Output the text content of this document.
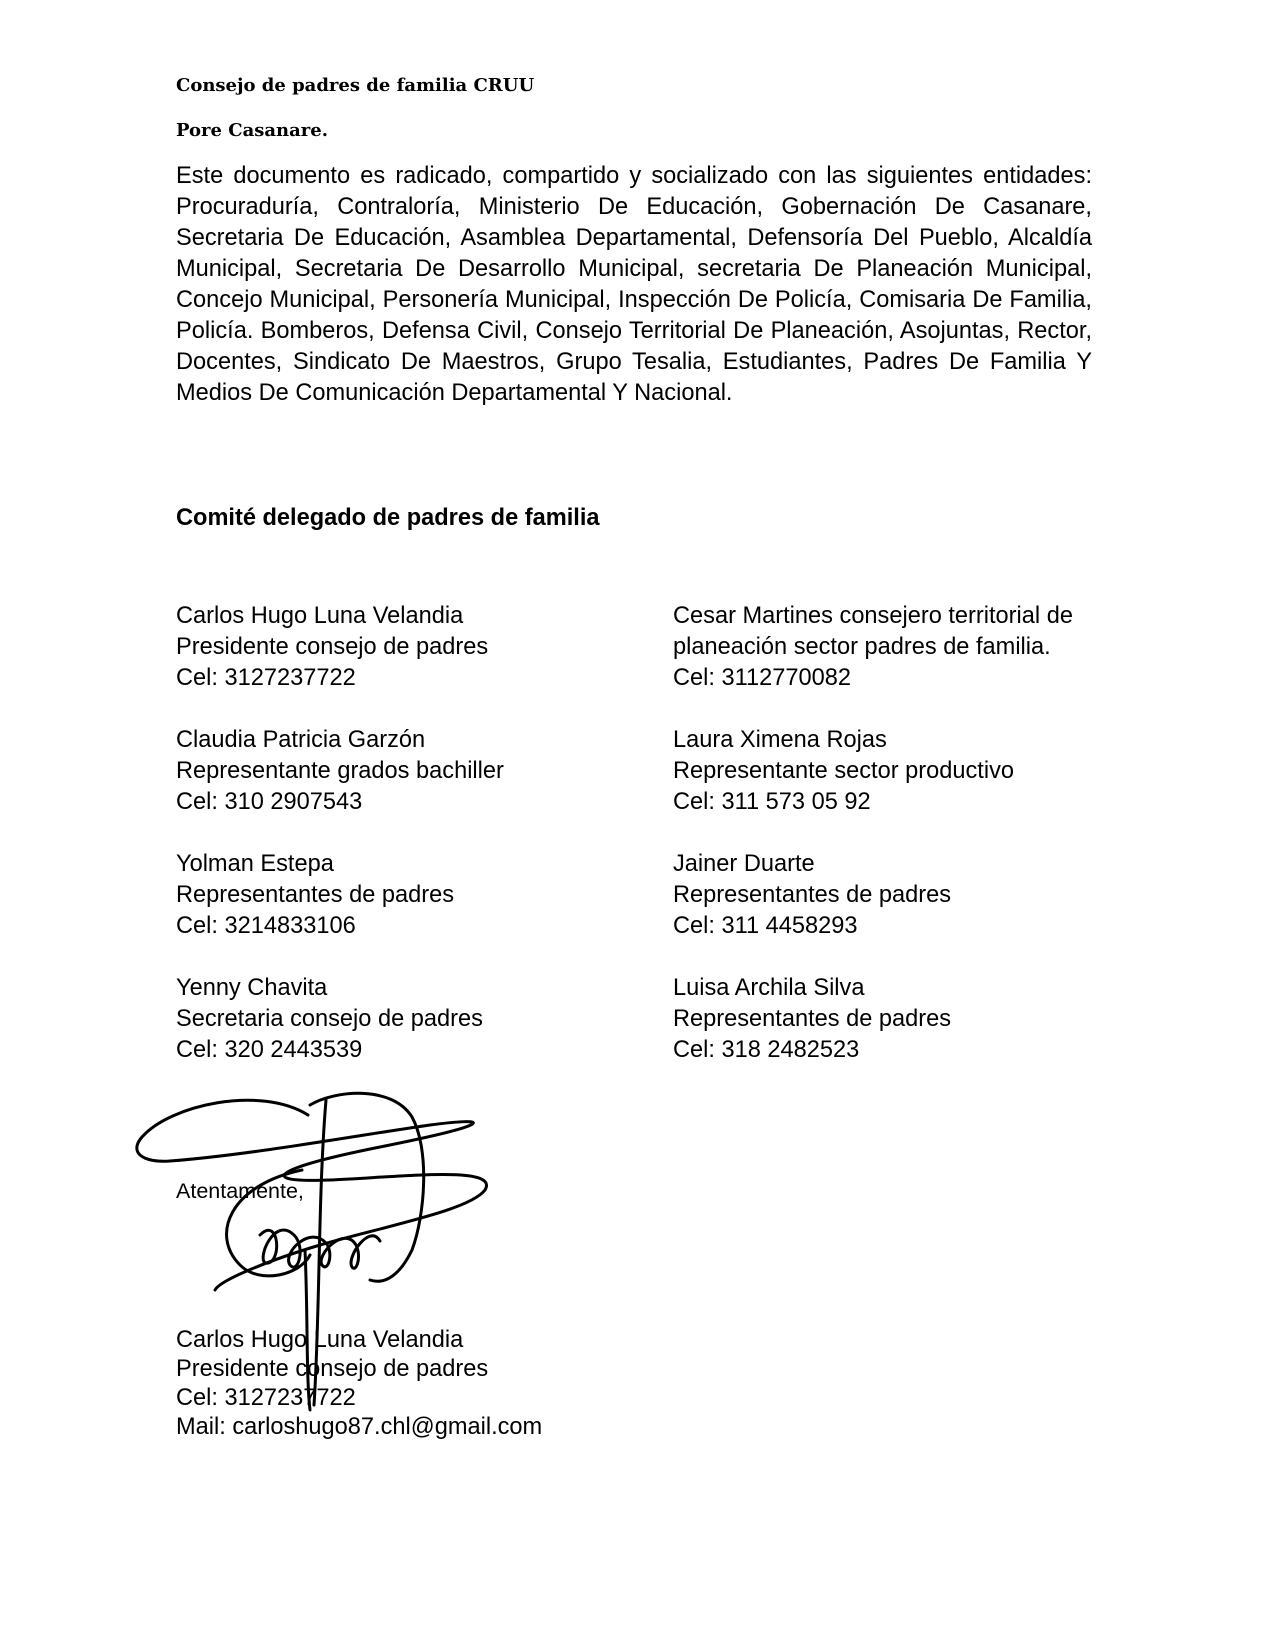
Consejo de padres de familia CRUU
Pore Casanare.

Este documento es radicado, compartido y socializado con las siguientes entidades: Procuraduría, Contraloría, Ministerio De Educación, Gobernación De Casanare, Secretaria De Educación, Asamblea Departamental, Defensoría Del Pueblo, Alcaldía Municipal, Secretaria De Desarrollo Municipal, secretaria De Planeación Municipal, Concejo Municipal, Personería Municipal, Inspección De Policía, Comisaria De Familia, Policía. Bomberos, Defensa Civil, Consejo Territorial De Planeación, Asojuntas, Rector, Docentes, Sindicato De Maestros, Grupo Tesalia, Estudiantes, Padres De Familia Y Medios De Comunicación Departamental Y Nacional.

Comité delegado de padres de familia
Carlos Hugo Luna Velandia
Presidente consejo de padres
Cel: 3127237722
Claudia Patricia Garzón
Representante grados bachiller
Cel: 310 2907543
Yolman Estepa
Representantes de padres
Cel: 3214833106
Yenny Chavita
Secretaria consejo de padres
Cel: 320 2443539
Cesar Martines consejero territorial de planeación sector padres de familia.
Cel: 3112770082
Laura Ximena Rojas
Representante sector productivo
Cel: 311 573 05 92
Jainer Duarte
Representantes de padres
Cel: 311 4458293
Luisa Archila Silva
Representantes de padres
Cel: 318 2482523
Atentamente,
Carlos Hugo Luna Velandia
Presidente consejo de padres
Cel: 3127237722
Mail: carloshugo87.chl@gmail.com
